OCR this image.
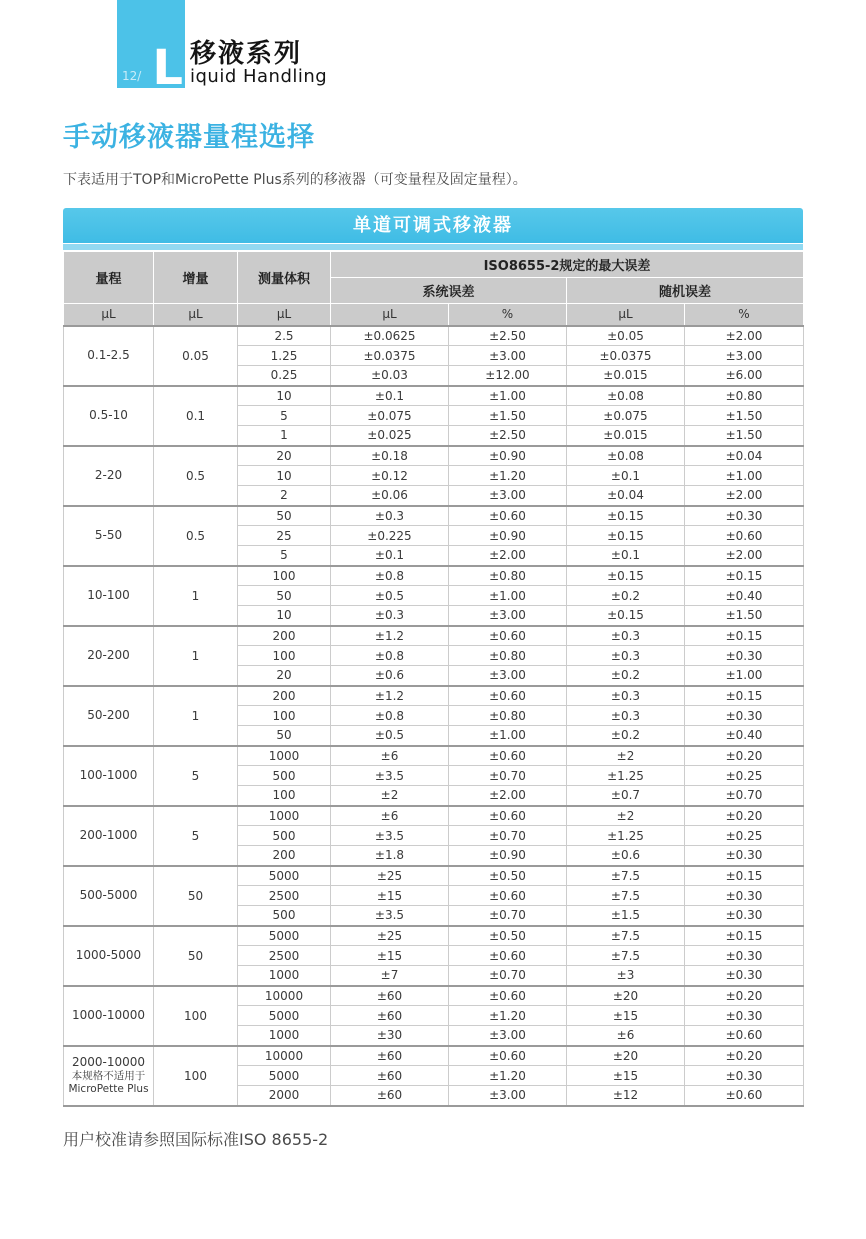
12/ L 移液系列
iquid Handling
手动移液器量程选择

下表适用于TOP和MicroPette Plus系列的移液器（可变量程及固定量程）。

单道可调式移液器
量程	增量	测量体积	ISO8655-2规定的最大误差			
			系统误差		随机误差	
µL	µL	µL	µL	%	µL	%
0.1-2.5	0.05	2.5	±0.0625	±2.50	±0.05	±2.00
		1.25	±0.0375	±3.00	±0.0375	±3.00
		0.25	±0.03	±12.00	±0.015	±6.00
0.5-10	0.1	10	±0.1	±1.00	±0.08	±0.80
		5	±0.075	±1.50	±0.075	±1.50
		1	±0.025	±2.50	±0.015	±1.50
2-20	0.5	20	±0.18	±0.90	±0.08	±0.04
		10	±0.12	±1.20	±0.1	±1.00
		2	±0.06	±3.00	±0.04	±2.00
5-50	0.5	50	±0.3	±0.60	±0.15	±0.30
		25	±0.225	±0.90	±0.15	±0.60
		5	±0.1	±2.00	±0.1	±2.00
10-100	1	100	±0.8	±0.80	±0.15	±0.15
		50	±0.5	±1.00	±0.2	±0.40
		10	±0.3	±3.00	±0.15	±1.50
20-200	1	200	±1.2	±0.60	±0.3	±0.15
		100	±0.8	±0.80	±0.3	±0.30
		20	±0.6	±3.00	±0.2	±1.00
50-200	1	200	±1.2	±0.60	±0.3	±0.15
		100	±0.8	±0.80	±0.3	±0.30
		50	±0.5	±1.00	±0.2	±0.40
100-1000	5	1000	±6	±0.60	±2	±0.20
		500	±3.5	±0.70	±1.25	±0.25
		100	±2	±2.00	±0.7	±0.70
200-1000	5	1000	±6	±0.60	±2	±0.20
		500	±3.5	±0.70	±1.25	±0.25
		200	±1.8	±0.90	±0.6	±0.30
500-5000	50	5000	±25	±0.50	±7.5	±0.15
		2500	±15	±0.60	±7.5	±0.30
		500	±3.5	±0.70	±1.5	±0.30
1000-5000	50	5000	±25	±0.50	±7.5	±0.15
		2500	±15	±0.60	±7.5	±0.30
		1000	±7	±0.70	±3	±0.30
1000-10000	100	10000	±60	±0.60	±20	±0.20
		5000	±60	±1.20	±15	±0.30
		1000	±30	±3.00	±6	±0.60
2000-10000
本规格不适用于
MicroPette Plus	100	10000	±60	±0.60	±20	±0.20
		5000	±60	±1.20	±15	±0.30
		2000	±60	±3.00	±12	±0.60

用户校准请参照国际标准ISO 8655-2
